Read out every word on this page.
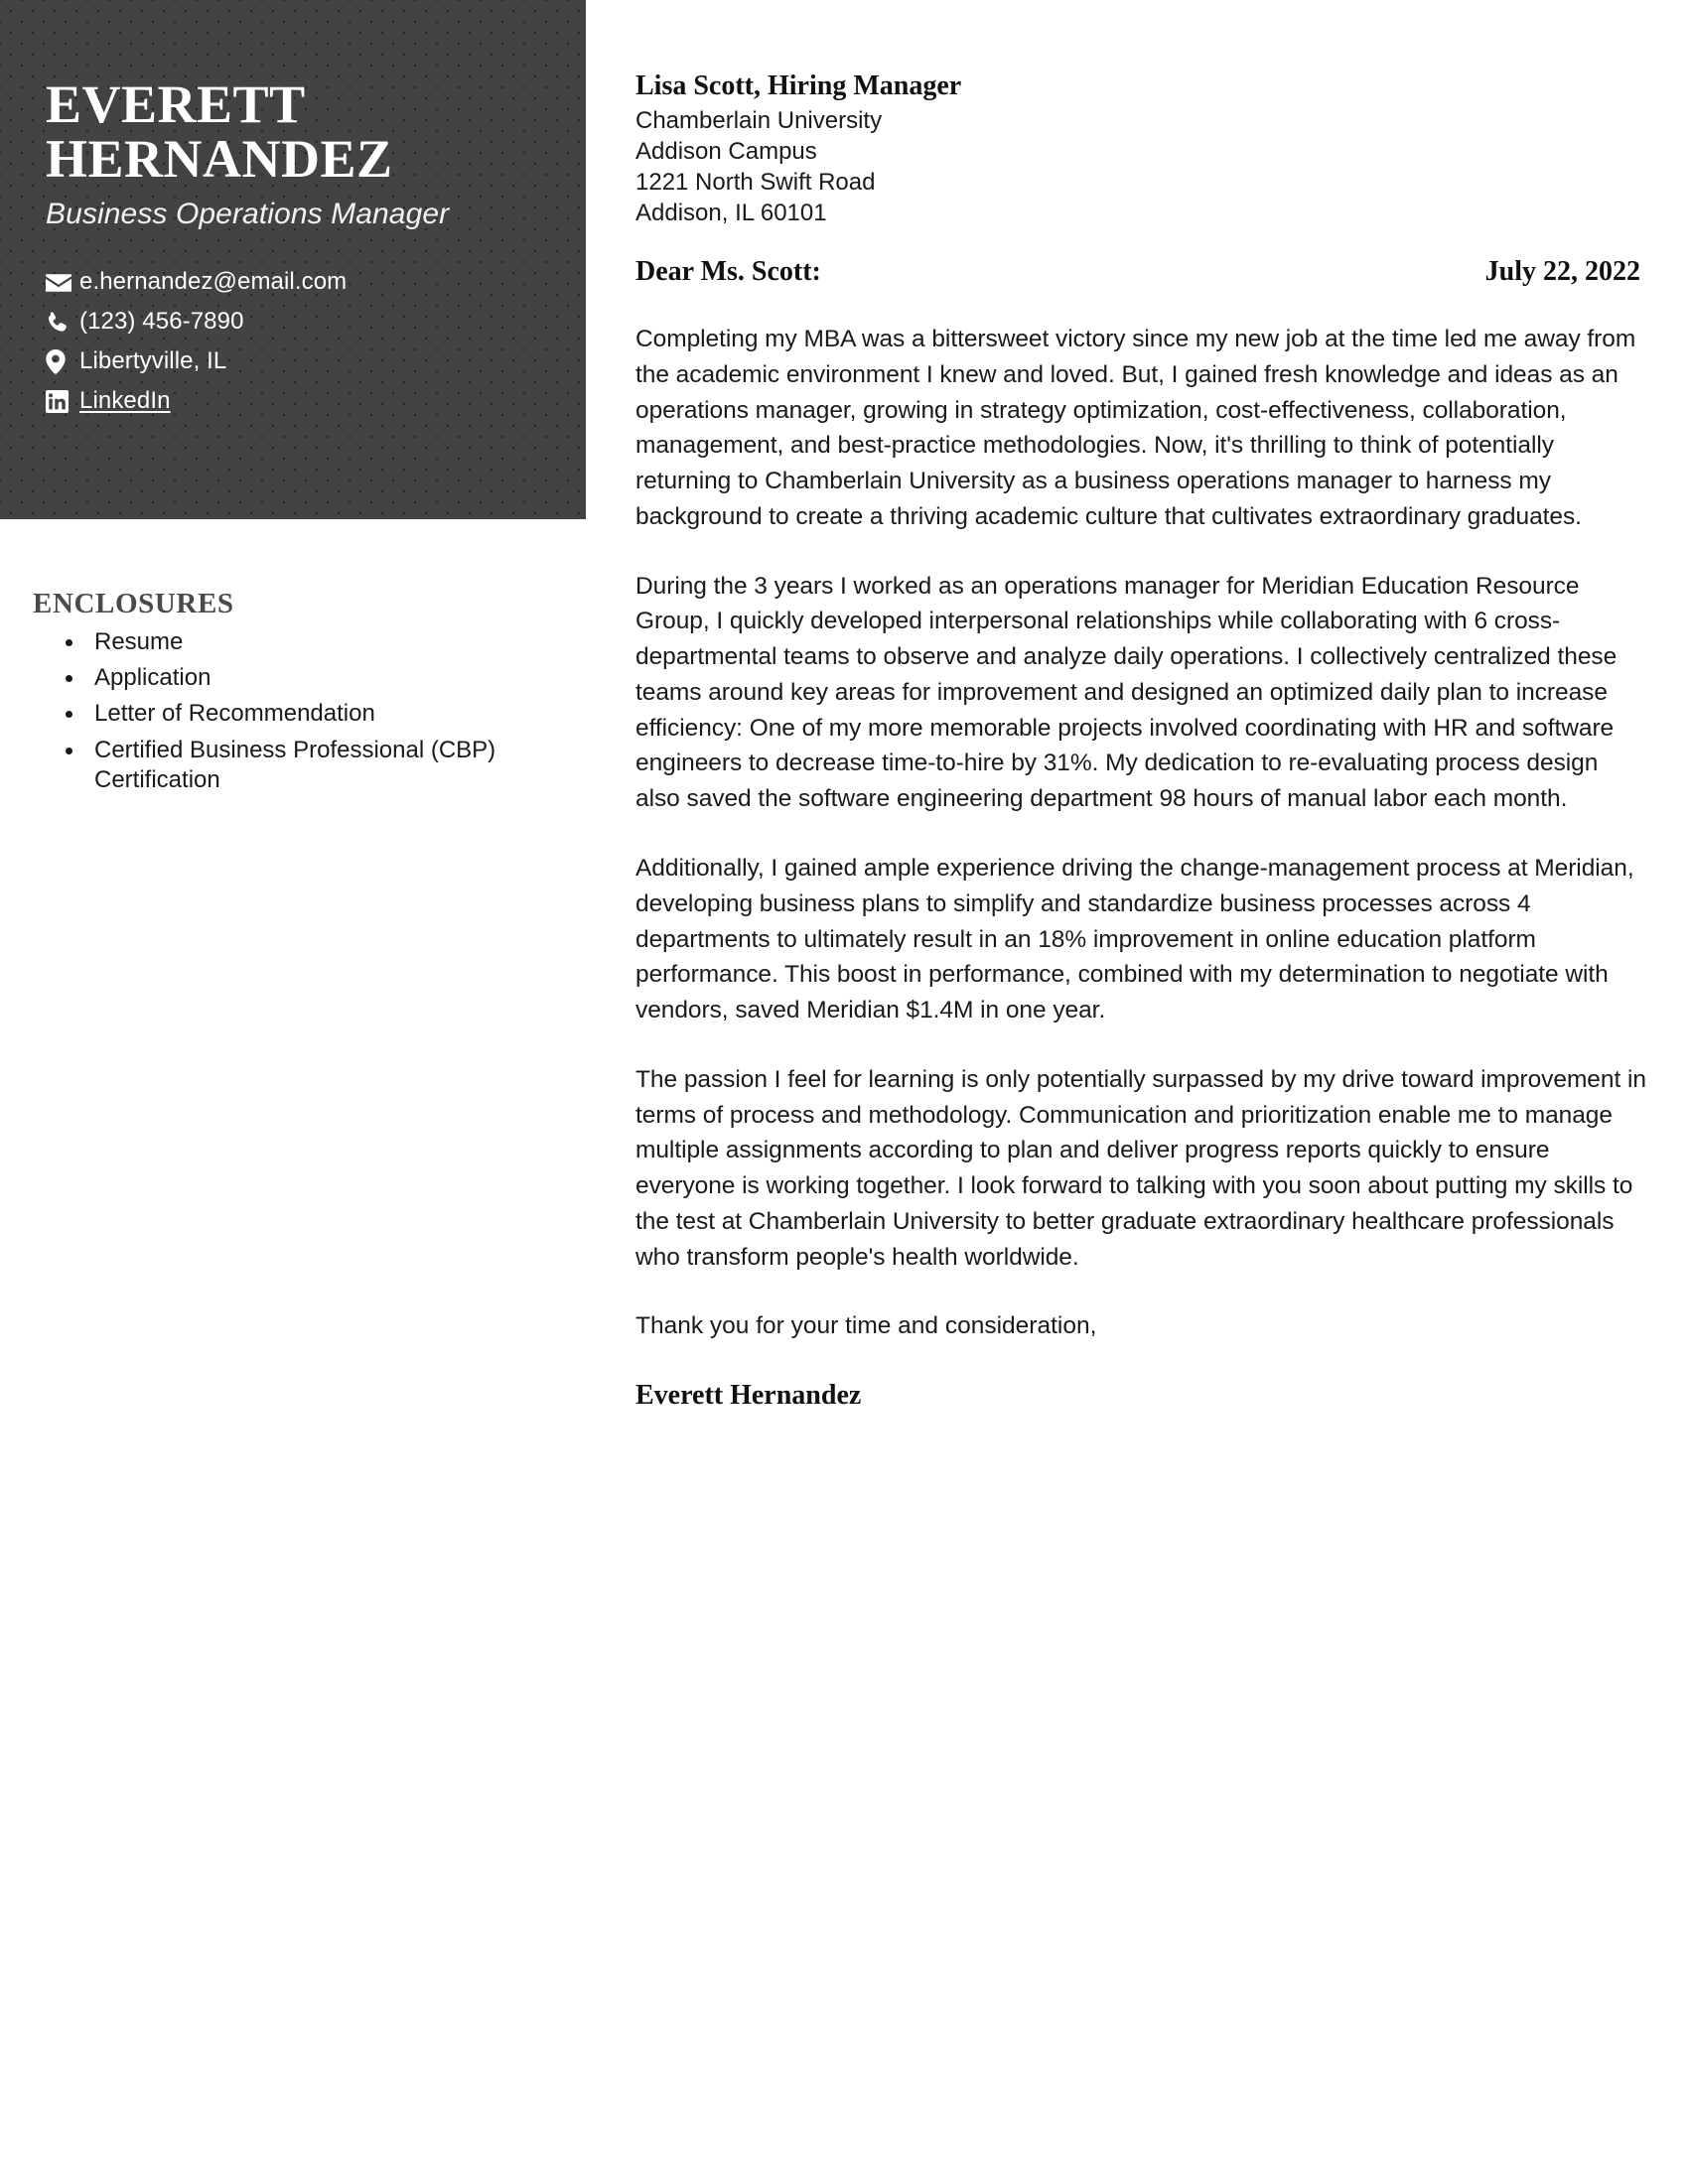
EVERETT
HERNANDEZ
Business Operations Manager
e.hernandez@email.com
(123) 456-7890
Libertyville, IL
LinkedIn
ENCLOSURES
Resume
Application
Letter of Recommendation
Certified Business Professional (CBP) Certification
Lisa Scott, Hiring Manager
Chamberlain University
Addison Campus
1221 North Swift Road
Addison, IL 60101
Dear Ms. Scott:	July 22, 2022

Completing my MBA was a bittersweet victory since my new job at the time led me away from the academic environment I knew and loved. But, I gained fresh knowledge and ideas as an operations manager, growing in strategy optimization, cost-effectiveness, collaboration, management, and best-practice methodologies. Now, it's thrilling to think of potentially returning to Chamberlain University as a business operations manager to harness my background to create a thriving academic culture that cultivates extraordinary graduates.

During the 3 years I worked as an operations manager for Meridian Education Resource Group, I quickly developed interpersonal relationships while collaborating with 6 cross-departmental teams to observe and analyze daily operations. I collectively centralized these teams around key areas for improvement and designed an optimized daily plan to increase efficiency: One of my more memorable projects involved coordinating with HR and software engineers to decrease time-to-hire by 31%. My dedication to re-evaluating process design also saved the software engineering department 98 hours of manual labor each month.

Additionally, I gained ample experience driving the change-management process at Meridian, developing business plans to simplify and standardize business processes across 4 departments to ultimately result in an 18% improvement in online education platform performance. This boost in performance, combined with my determination to negotiate with vendors, saved Meridian $1.4M in one year.

The passion I feel for learning is only potentially surpassed by my drive toward improvement in terms of process and methodology. Communication and prioritization enable me to manage multiple assignments according to plan and deliver progress reports quickly to ensure everyone is working together. I look forward to talking with you soon about putting my skills to the test at Chamberlain University to better graduate extraordinary healthcare professionals who transform people's health worldwide.

Thank you for your time and consideration,
Everett Hernandez
